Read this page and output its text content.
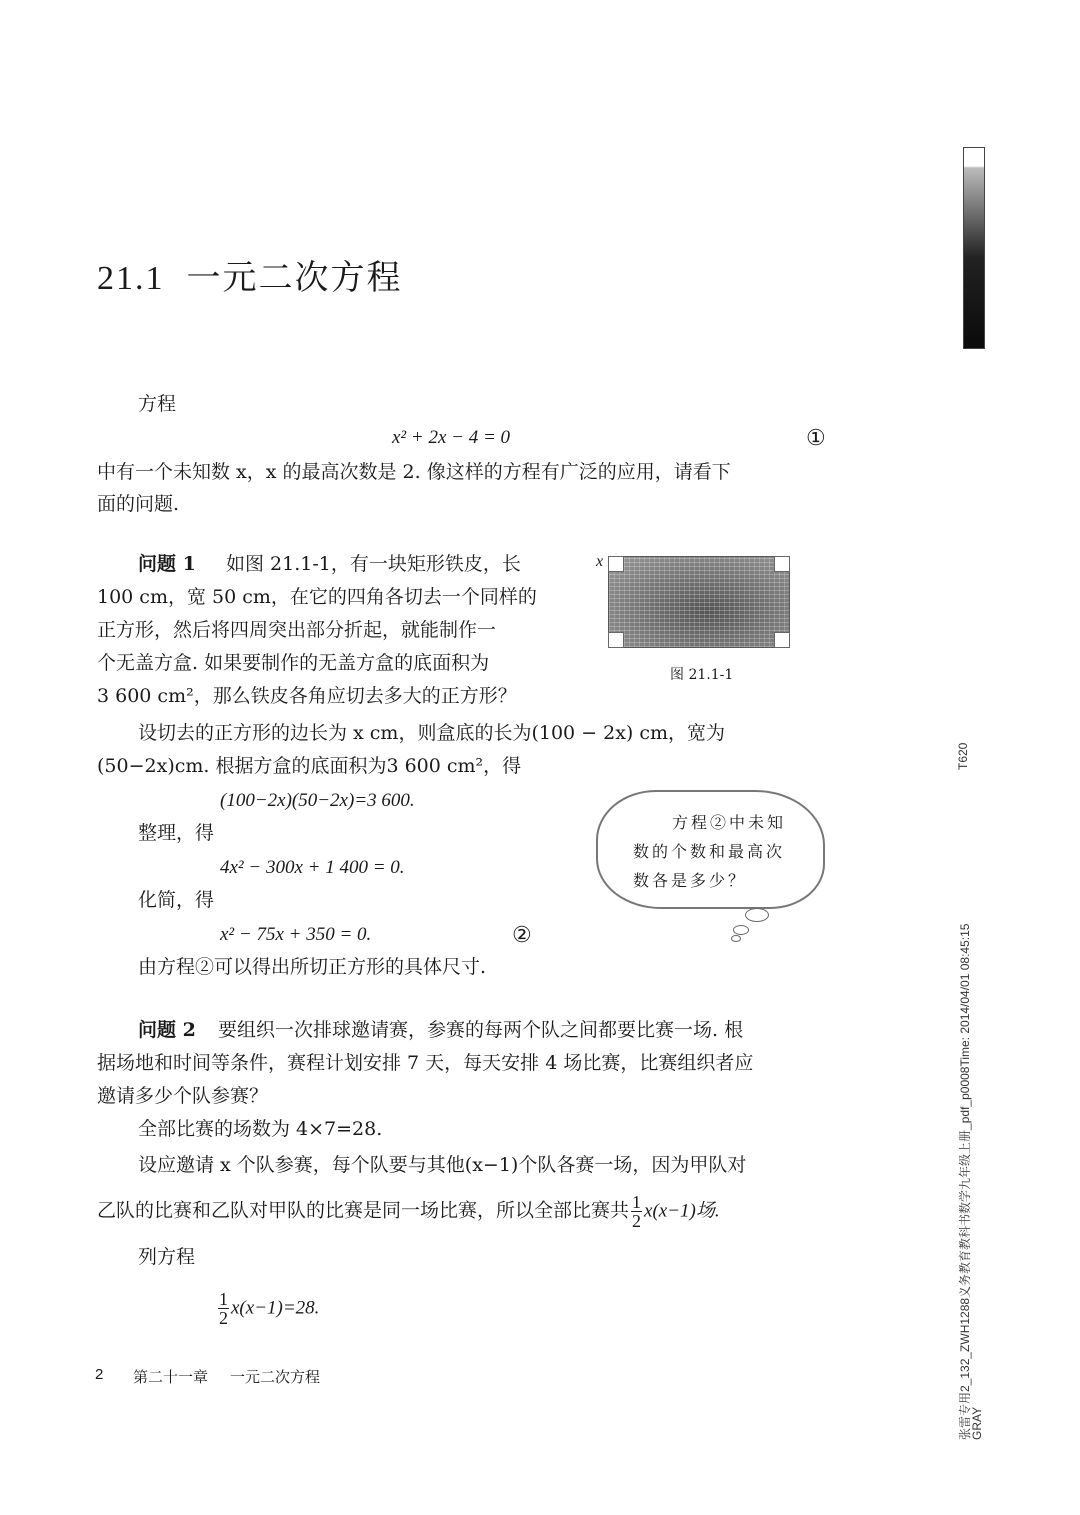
21.1 一元二次方程
方程
x² + 2x − 4 = 0	①
中有一个未知数 x，x 的最高次数是 2. 像这样的方程有广泛的应用，请看下
面的问题.
问题 1 如图 21.1-1，有一块矩形铁皮，长
100 cm，宽 50 cm，在它的四角各切去一个同样的
正方形，然后将四周突出部分折起，就能制作一
个无盖方盒. 如果要制作的无盖方盒的底面积为
3 600 cm²，那么铁皮各角应切去多大的正方形？
x
图 21.1-1
设切去的正方形的边长为 x cm，则盒底的长为(100 − 2x) cm，宽为
(50−2x)cm. 根据方盒的底面积为3 600 cm²，得
(100−2x)(50−2x)=3 600.
整理，得
4x² − 300x + 1 400 = 0.
化简，得
x² − 75x + 350 = 0.	②
由方程②可以得出所切正方形的具体尺寸.
方程②中未知
数的个数和最高次
数各是多少？
问题 2 要组织一次排球邀请赛，参赛的每两个队之间都要比赛一场. 根
据场地和时间等条件，赛程计划安排 7 天，每天安排 4 场比赛，比赛组织者应
邀请多少个队参赛？
全部比赛的场数为 4×7=28.
设应邀请 x 个队参赛，每个队要与其他(x−1)个队各赛一场，因为甲队对
乙队的比赛和乙队对甲队的比赛是同一场比赛，所以全部比赛共 $\frac{1}{2} x(x-1)$场.
列方程
$\frac{1}{2} x(x-1)=28$.
2 第二十一章 一元二次方程
T620
张雷专用2_132_ZWH1288义务教育教科书数学九年级上册_pdf_p0008Time: 2014/04/01 08:45:15
GRAY
